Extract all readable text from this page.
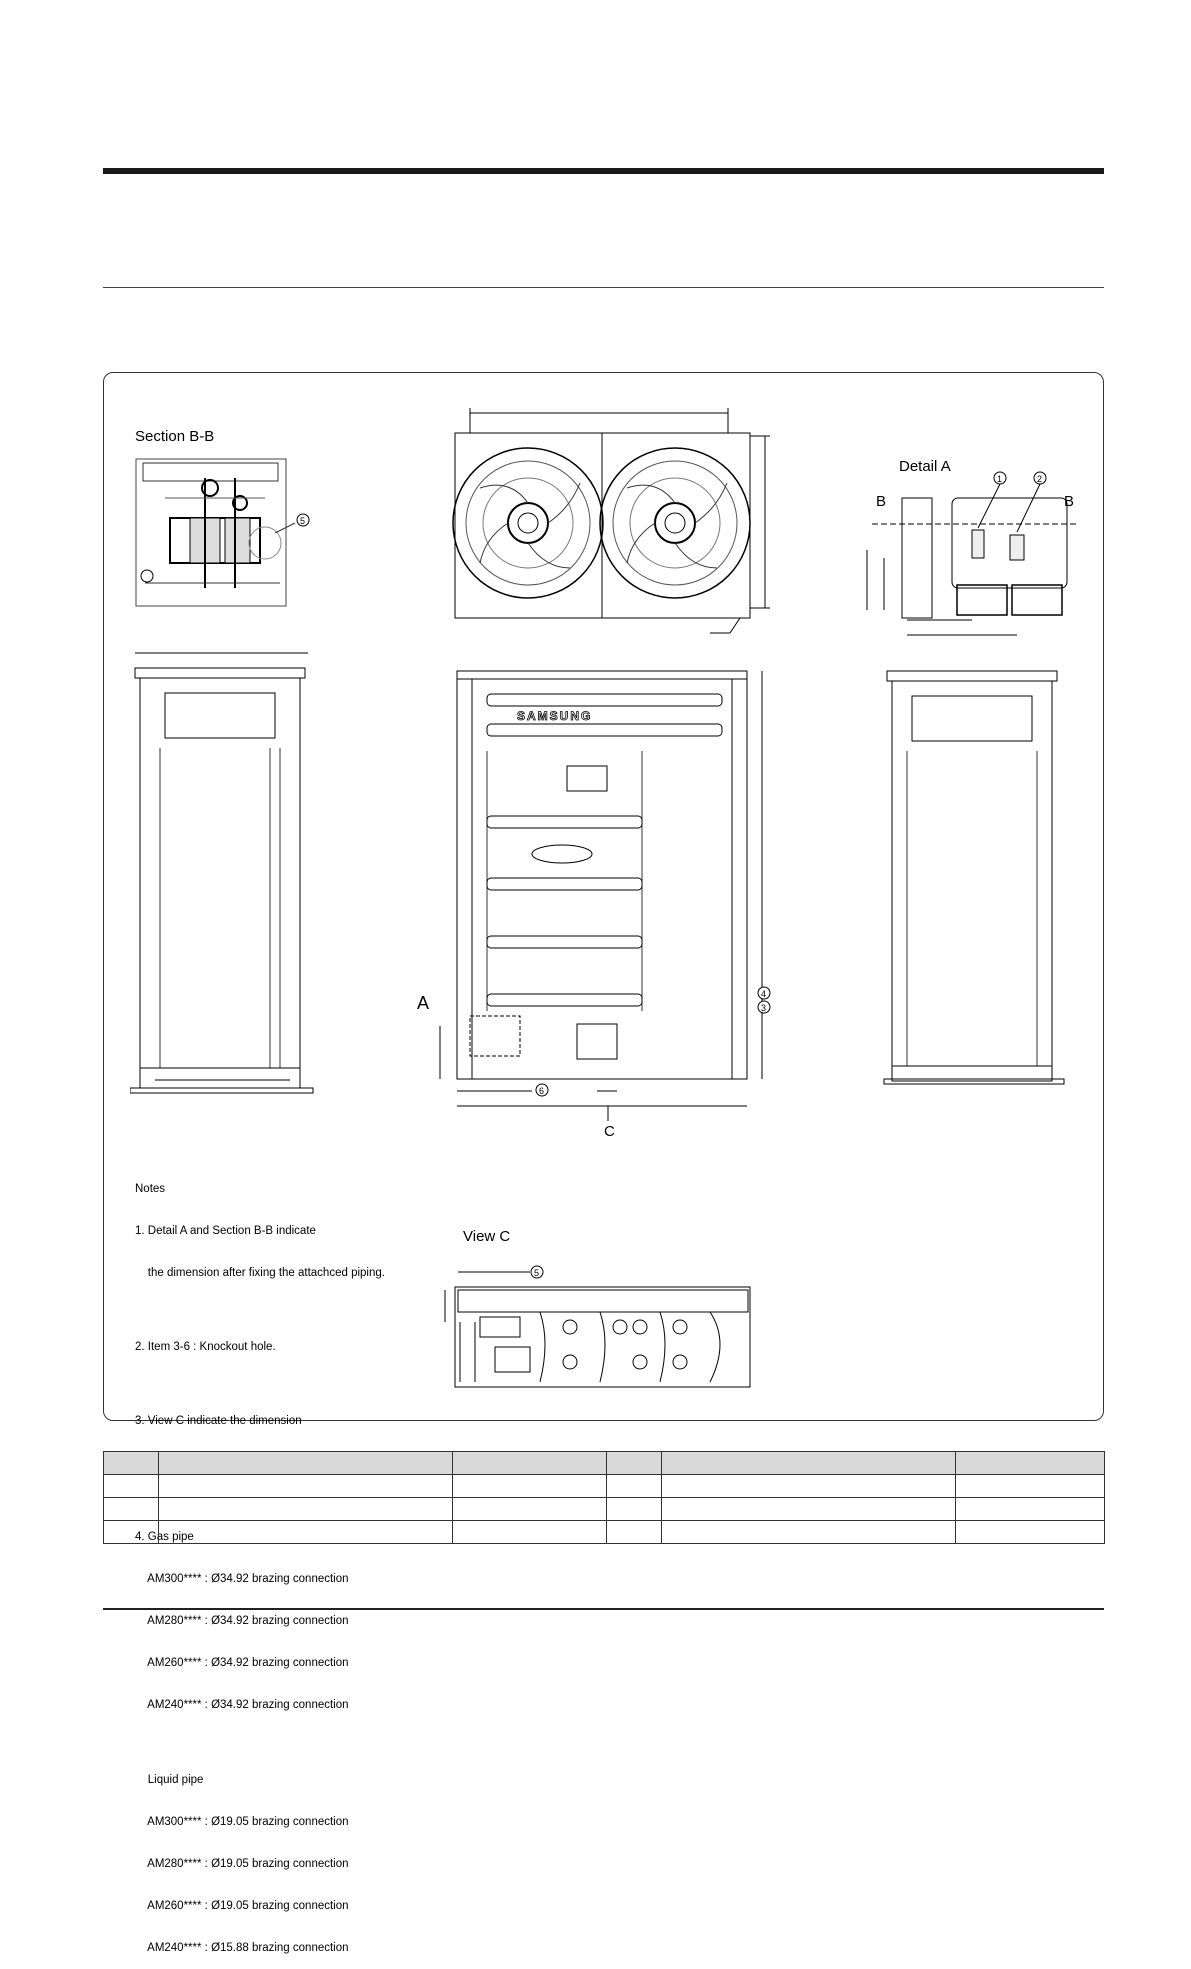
Section B-B
5
Detail A
B	B
1	2
A
SAMSUNG
4
3
6
C

Notes

1. Detail A and Section B-B indicate

the dimension after fixing the attachced piping.

2. Item 3-6 : Knockout hole.

3. View C indicate the dimension

4. Gas pipe

AM300**** : Ø34.92 brazing connection

AM280**** : Ø34.92 brazing connection

AM260**** : Ø34.92 brazing connection

AM240**** : Ø34.92 brazing connection

Liquid pipe

AM300**** : Ø19.05 brazing connection

AM280**** : Ø19.05 brazing connection

AM260**** : Ø19.05 brazing connection

AM240**** : Ø15.88 brazing connection

View C
5
